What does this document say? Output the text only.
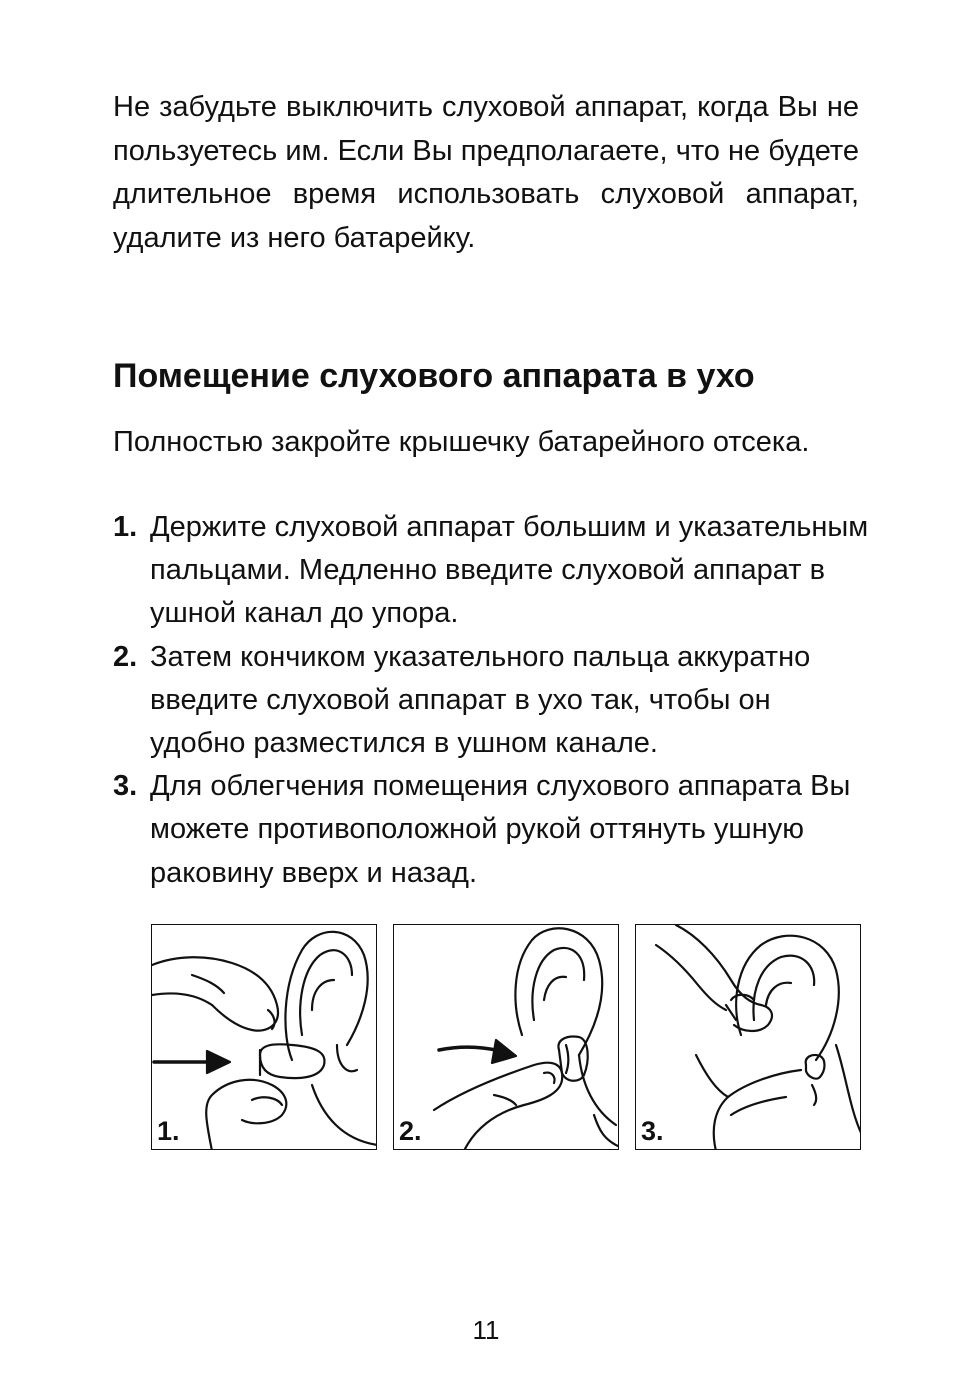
Не забудьте выключить слуховой аппарат, когда Вы не пользуетесь им. Если Вы предполагаете, что не будете длительное время использовать слуховой аппарат, удалите из него батарейку.

Помещение слухового аппарата в ухо

Полностью закройте крышечку батарейного отсека.

1. Держите слуховой аппарат большим и указательным пальцами. Медленно введите слуховой аппарат в ушной канал до упора.
2. Затем кончиком указательного пальца аккуратно введите слуховой аппарат в ухо так, чтобы он удобно разместился в ушном канале.
3. Для облегчения помещения слухового аппарата Вы можете противоположной рукой оттянуть ушную раковину вверх и назад.
1.	2.	3.
11
